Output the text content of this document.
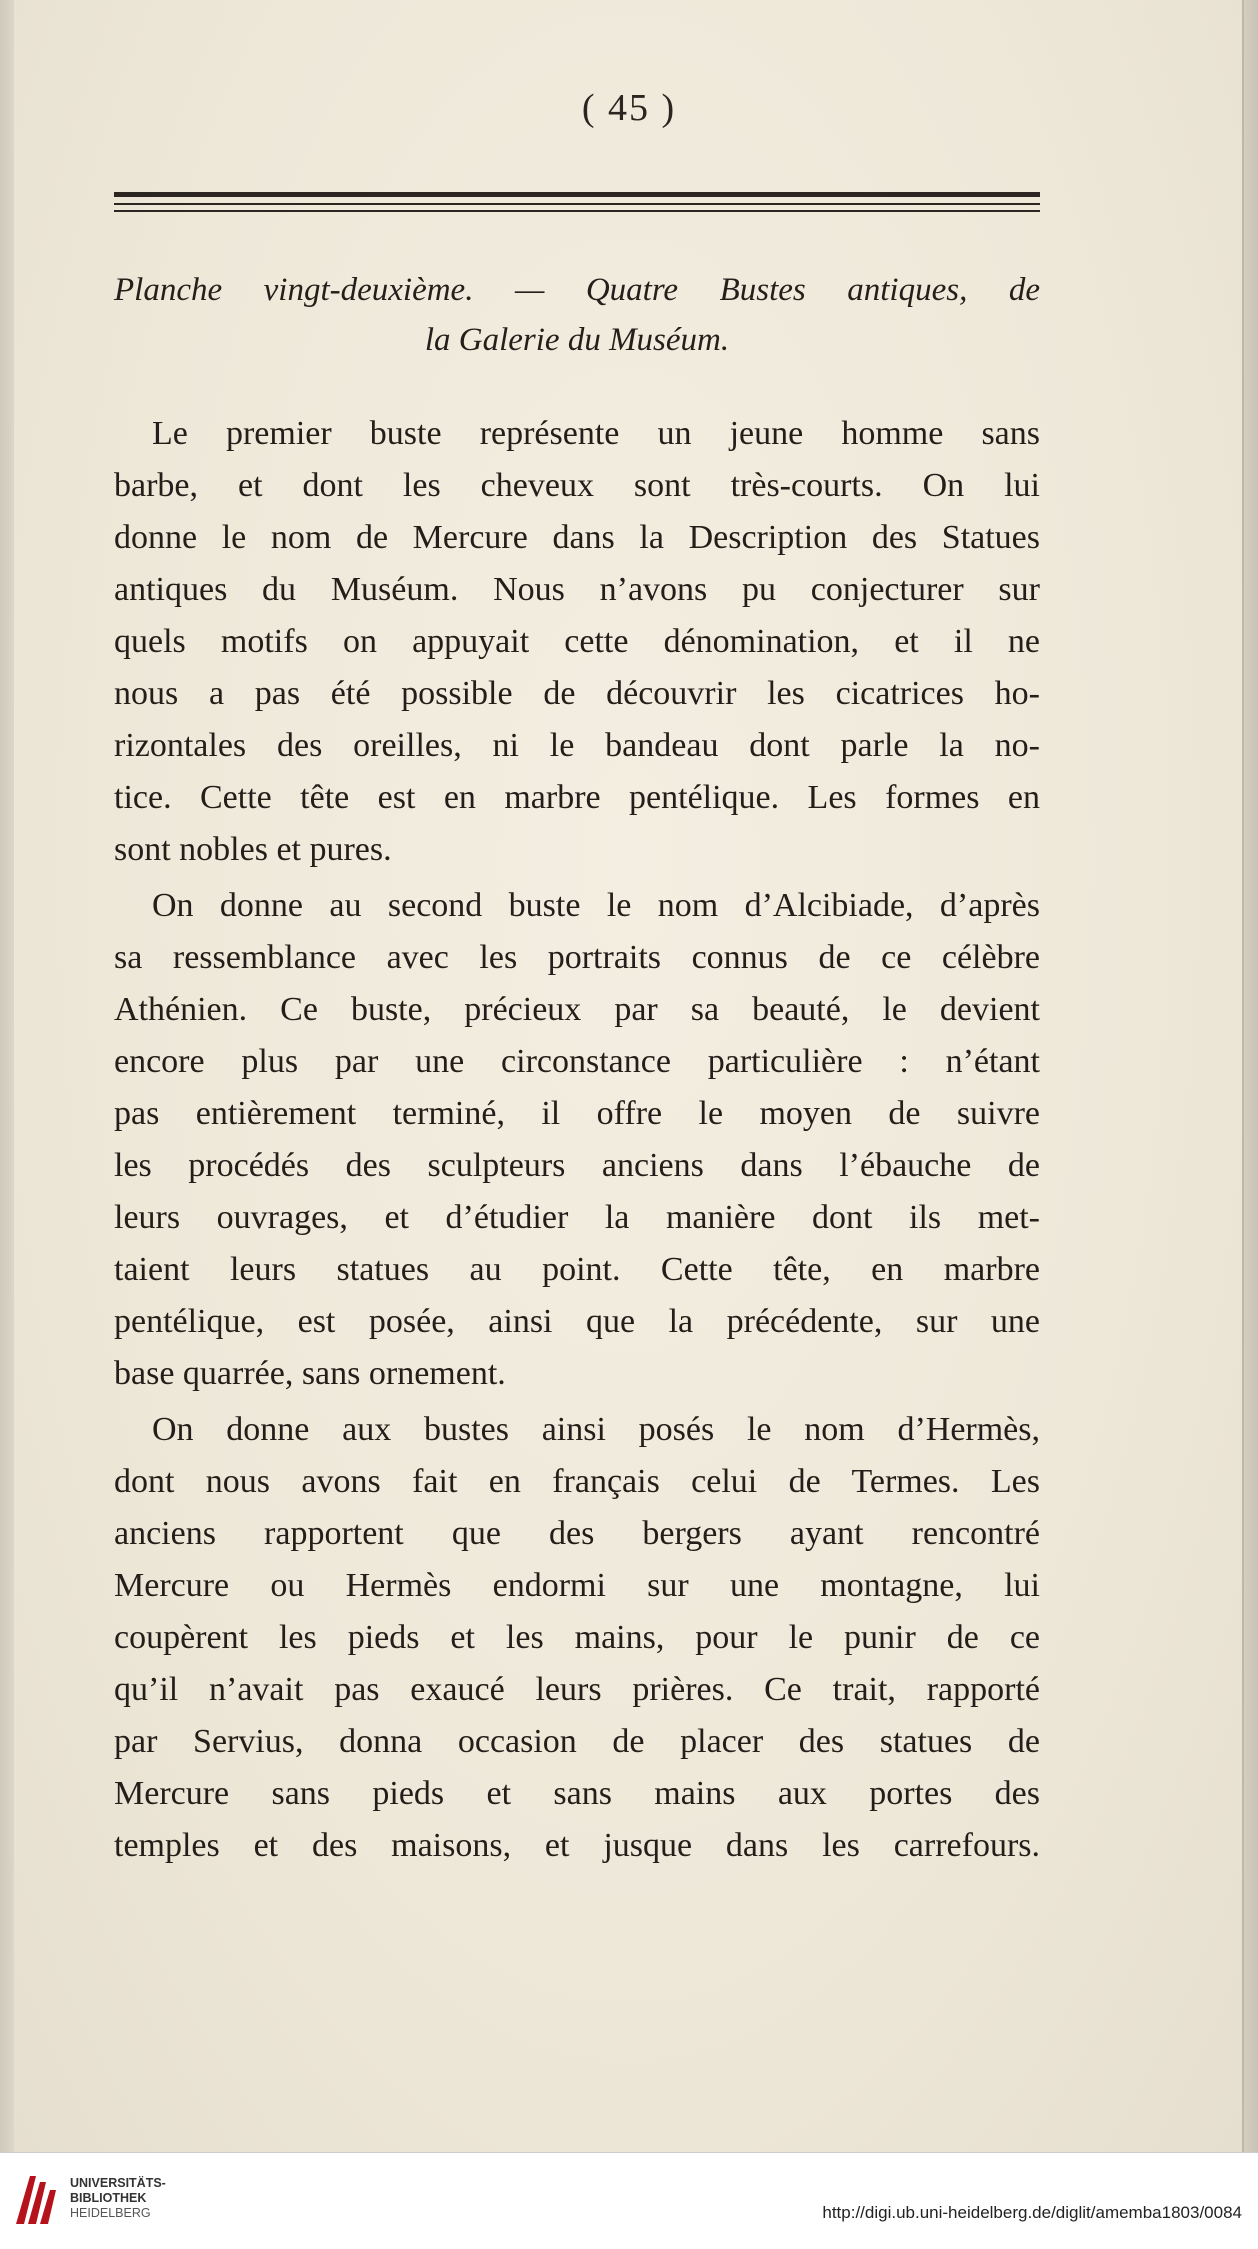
( 45 )
Planche vingt-deuxième. — Quatre Bustes antiques, de
la Galerie du Muséum.
Le premier buste représente un jeune homme sans
barbe, et dont les cheveux sont très-courts. On lui
donne le nom de Mercure dans la Description des Statues
antiques du Muséum. Nous n’avons pu conjecturer sur
quels motifs on appuyait cette dénomination, et il ne
nous a pas été possible de découvrir les cicatrices ho-
rizontales des oreilles, ni le bandeau dont parle la no-
tice. Cette tête est en marbre pentélique. Les formes en
sont nobles et pures.
On donne au second buste le nom d’Alcibiade, d’après
sa ressemblance avec les portraits connus de ce célèbre
Athénien. Ce buste, précieux par sa beauté, le devient
encore plus par une circonstance particulière : n’étant
pas entièrement terminé, il offre le moyen de suivre
les procédés des sculpteurs anciens dans l’ébauche de
leurs ouvrages, et d’étudier la manière dont ils met-
taient leurs statues au point. Cette tête, en marbre
pentélique, est posée, ainsi que la précédente, sur une
base quarrée, sans ornement.
On donne aux bustes ainsi posés le nom d’Hermès,
dont nous avons fait en français celui de Termes. Les
anciens rapportent que des bergers ayant rencontré
Mercure ou Hermès endormi sur une montagne, lui
coupèrent les pieds et les mains, pour le punir de ce
qu’il n’avait pas exaucé leurs prières. Ce trait, rapporté
par Servius, donna occasion de placer des statues de
Mercure sans pieds et sans mains aux portes des
temples et des maisons, et jusque dans les carrefours.
UNIVERSITÄTS-
BIBLIOTHEK
HEIDELBERG	http://digi.ub.uni-heidelberg.de/diglit/amemba1803/0084
